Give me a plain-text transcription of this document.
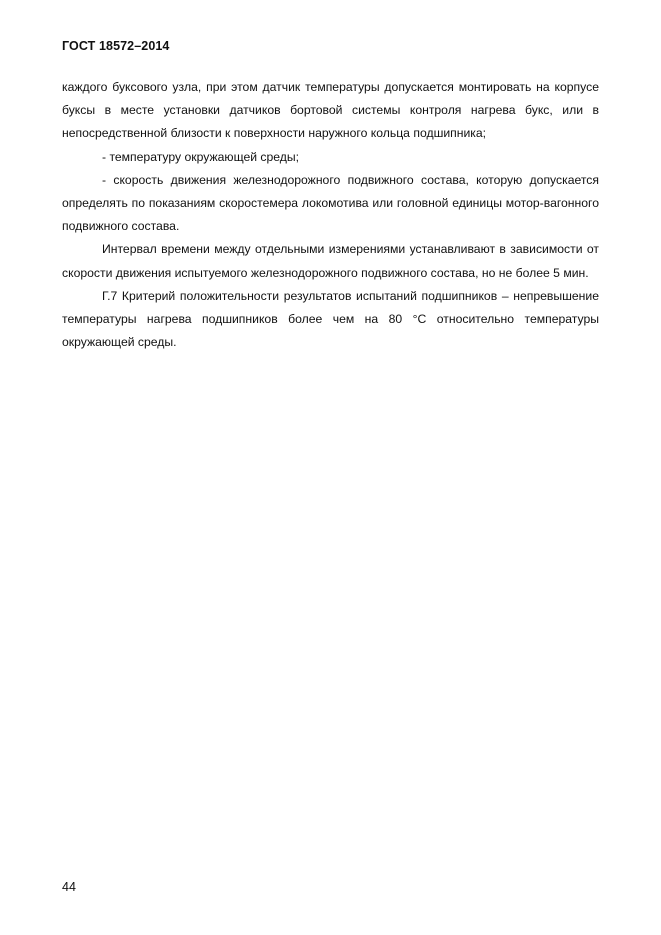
ГОСТ 18572–2014

каждого буксового узла, при этом датчик температуры допускается монтировать на корпусе буксы в месте установки датчиков бортовой системы контроля нагрева букс, или в непосредственной близости к поверхности наружного кольца подшипника;

- температуру окружающей среды;

- скорость движения железнодорожного подвижного состава, которую допускается определять по показаниям скоростемера локомотива или головной единицы мотор-вагонного подвижного состава.

Интервал времени между отдельными измерениями устанавливают в зависимости от скорости движения испытуемого железнодорожного подвижного состава, но не более 5 мин.

Г.7 Критерий положительности результатов испытаний подшипников – непревышение температуры нагрева подшипников более чем на 80 °С относительно температуры окружающей среды.

44
